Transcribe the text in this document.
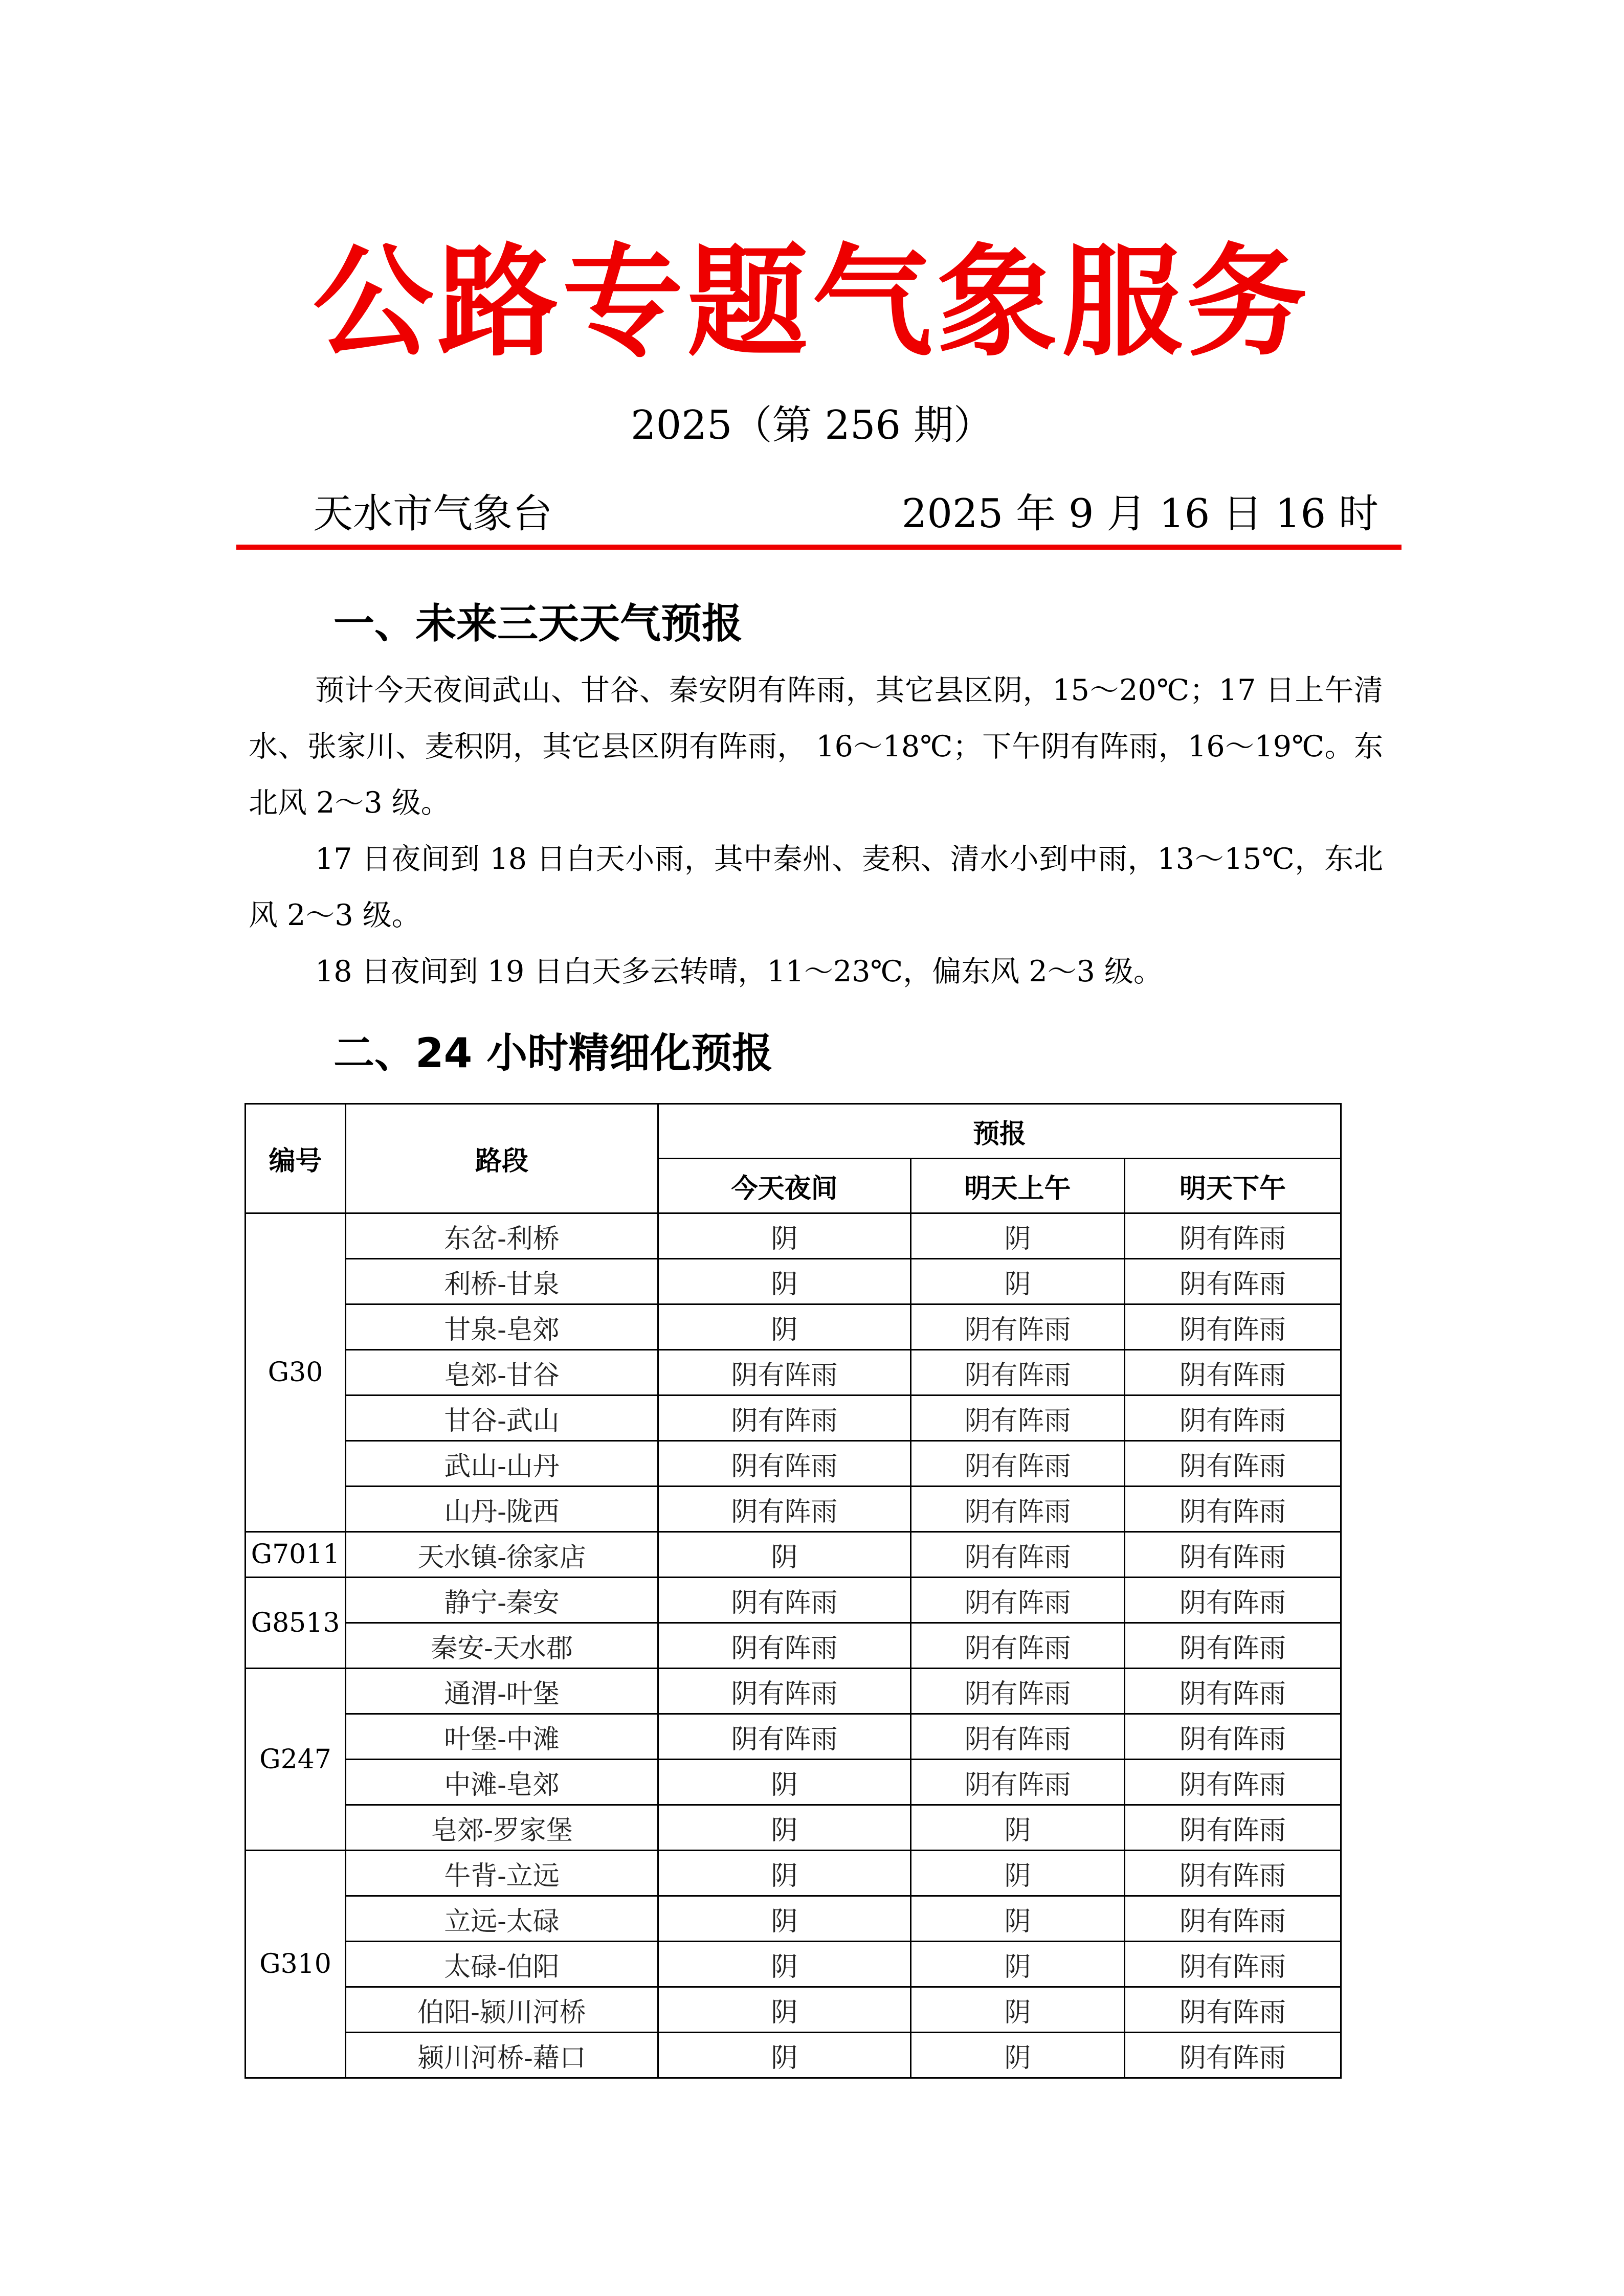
公路专题气象服务
2025（第 256 期）
天水市气象台	2025 年 9 月 16 日 16 时
一、未来三天天气预报
预计今天夜间武山、甘谷、秦安阴有阵雨，其它县区阴，15～20℃；17 日上午清水、张家川、麦积阴，其它县区阴有阵雨， 16～18℃；下午阴有阵雨，16～19℃。东北风 2～3 级。
17 日夜间到 18 日白天小雨，其中秦州、麦积、清水小到中雨，13～15℃，东北风 2～3 级。
18 日夜间到 19 日白天多云转晴，11～23℃，偏东风 2～3 级。
二、24 小时精细化预报
编号	路段	预报		
		今天夜间	明天上午	明天下午
G30	东岔-利桥	阴	阴	阴有阵雨
	利桥-甘泉	阴	阴	阴有阵雨
	甘泉-皂郊	阴	阴有阵雨	阴有阵雨
	皂郊-甘谷	阴有阵雨	阴有阵雨	阴有阵雨
	甘谷-武山	阴有阵雨	阴有阵雨	阴有阵雨
	武山-山丹	阴有阵雨	阴有阵雨	阴有阵雨
	山丹-陇西	阴有阵雨	阴有阵雨	阴有阵雨
G7011	天水镇-徐家店	阴	阴有阵雨	阴有阵雨
G8513	静宁-秦安	阴有阵雨	阴有阵雨	阴有阵雨
	秦安-天水郡	阴有阵雨	阴有阵雨	阴有阵雨
G247	通渭-叶堡	阴有阵雨	阴有阵雨	阴有阵雨
	叶堡-中滩	阴有阵雨	阴有阵雨	阴有阵雨
	中滩-皂郊	阴	阴有阵雨	阴有阵雨
	皂郊-罗家堡	阴	阴	阴有阵雨
G310	牛背-立远	阴	阴	阴有阵雨
	立远-太碌	阴	阴	阴有阵雨
	太碌-伯阳	阴	阴	阴有阵雨
	伯阳-颍川河桥	阴	阴	阴有阵雨
	颍川河桥-藉口	阴	阴	阴有阵雨
